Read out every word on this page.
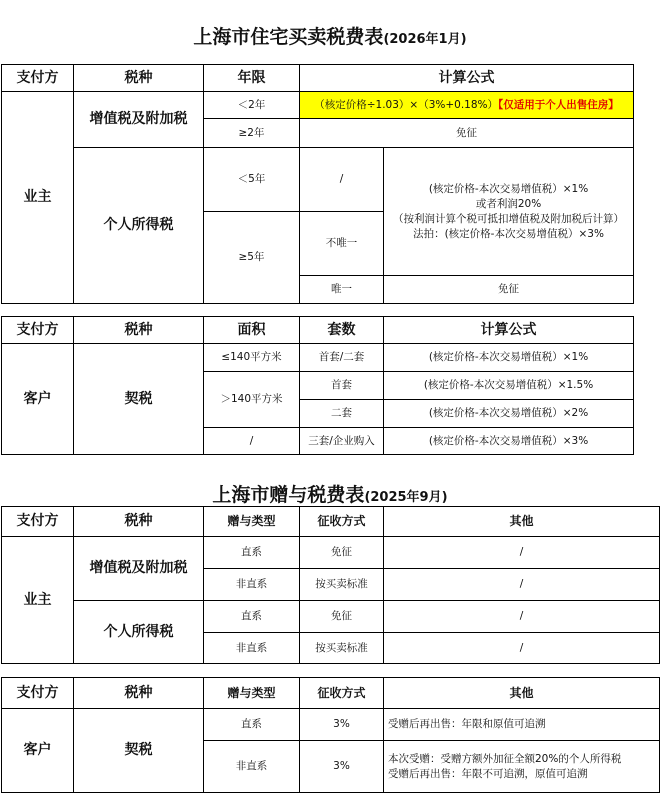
上海市住宅买卖税费表(2026年1月)
支付方	税种	年限	计算公式	
业主	增值税及附加税	＜2年	（核定价格÷1.03）×（3%+0.18%）【仅适用于个人出售住房】	
		≥2年	免征	
	个人所得税	＜5年	/	(核定价格-本次交易增值税）×1%
或者利润20%
（按利润计算个税可抵扣增值税及附加税后计算）
法拍：(核定价格-本次交易增值税）×3%

		≥5年	不唯一	

			唯一	免征
支付方	税种	面积	套数	计算公式
客户	契税	≤140平方米	首套/二套	(核定价格-本次交易增值税）×1%
		＞140平方米	首套	(核定价格-本次交易增值税）×1.5%
			二套	(核定价格-本次交易增值税）×2%
		/	三套/企业购入	(核定价格-本次交易增值税）×3%
上海市赠与税费表(2025年9月)
支付方	税种	赠与类型	征收方式	其他
业主	增值税及附加税	直系	免征	/
		非直系	按买卖标准	/
	个人所得税	直系	免征	/
		非直系	按买卖标准	/
支付方	税种	赠与类型	征收方式	其他
客户	契税	直系	3%	受赠后再出售：年限和原值可追溯
		非直系	3%	本次受赠：受赠方额外加征全额20%的个人所得税
受赠后再出售：年限不可追溯，原值可追溯
